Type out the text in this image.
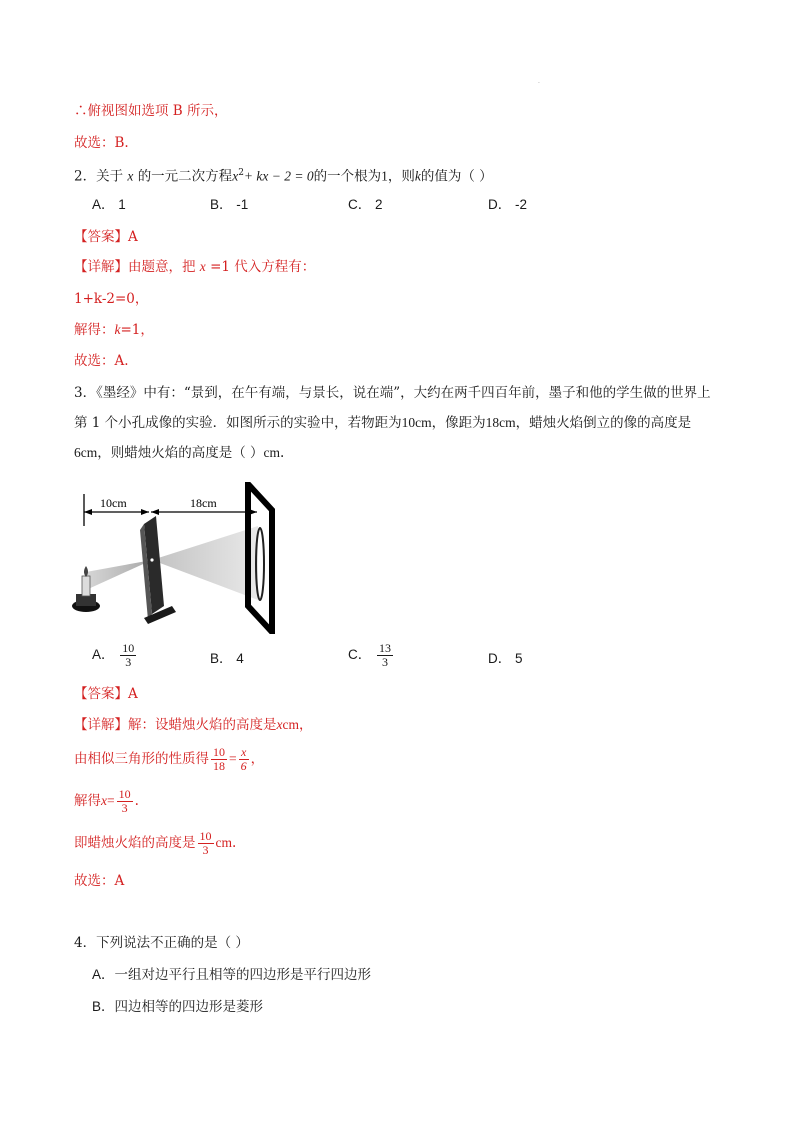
·
∴俯视图如选项 B 所示，
故选：B.
2．关于 x 的一元二次方程$x^2+$ kx − 2 = 0的一个根为1，则k的值为（ ）
A． 1	B． -1	C． 2	D． -2
【答案】A
【详解】由题意，把 x =1 代入方程有：
1+k-2=0，
解得：k=1，
故选：A.
3．《墨经》中有：“景到，在午有端，与景长，说在端”，大约在两千四百年前，墨子和他的学生做的世界上
第 1 个小孔成像的实验．如图所示的实验中，若物距为10cm，像距为18cm，蜡烛火焰倒立的像的高度是
6cm，则蜡烛火焰的高度是（ ）cm.
10cm	18cm
A． $\frac{10}{3}$	B． 4	C． $\frac{13}{3}$	D． 5
【答案】A
【详解】解：设蜡烛火焰的高度是xcm，
由相似三角形的性质得 $\frac{10}{18} = \frac{x}{6}$ ，
解得$x= \frac{10}{3}$ .
即蜡烛火焰的高度是 $\frac{10}{3}$ cm.
故选：A
4．下列说法不正确的是（ ）
A．一组对边平行且相等的四边形是平行四边形
B．四边相等的四边形是菱形
